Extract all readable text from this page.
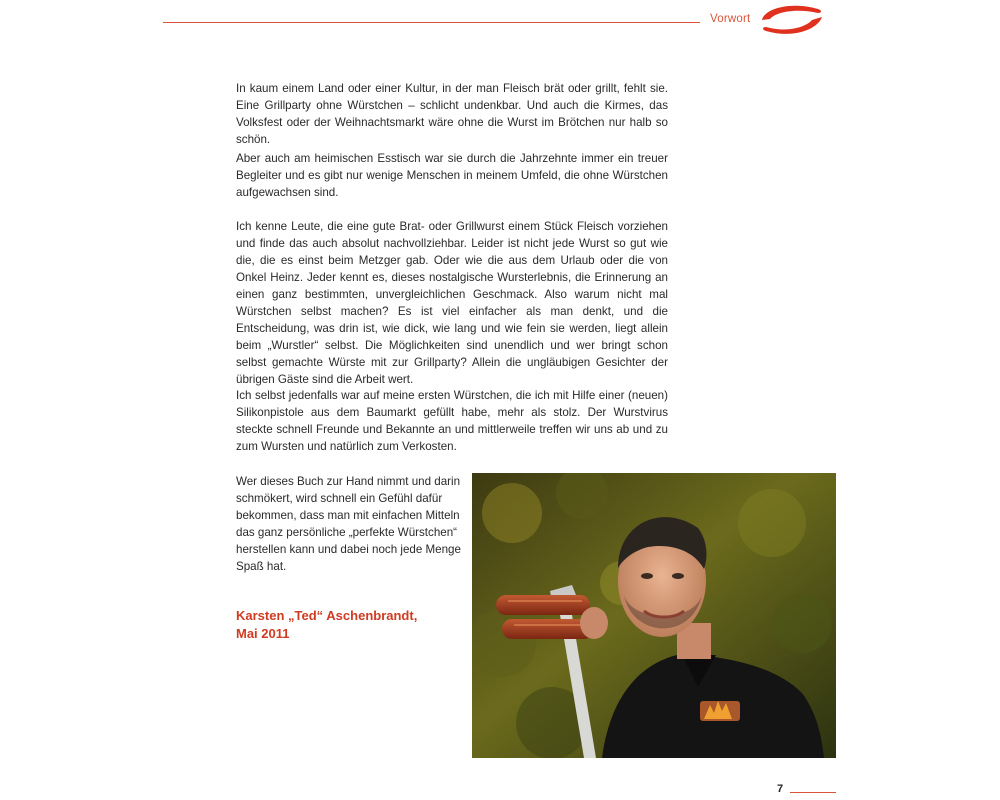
Vorwort

In kaum einem Land oder einer Kultur, in der man Fleisch brät oder grillt, fehlt sie. Eine Grillparty ohne Würstchen – schlicht undenkbar. Und auch die Kirmes, das Volksfest oder der Weihnachtsmarkt wäre ohne die Wurst im Brötchen nur halb so schön.

Aber auch am heimischen Esstisch war sie durch die Jahrzehnte immer ein treuer Begleiter und es gibt nur wenige Menschen in meinem Umfeld, die ohne Würstchen aufgewachsen sind.

Ich kenne Leute, die eine gute Brat- oder Grillwurst einem Stück Fleisch vorziehen und finde das auch absolut nachvollziehbar. Leider ist nicht jede Wurst so gut wie die, die es einst beim Metzger gab. Oder wie die aus dem Urlaub oder die von Onkel Heinz. Jeder kennt es, dieses nostalgische Wursterlebnis, die Erinnerung an einen ganz bestimmten, unvergleichlichen Geschmack. Also warum nicht mal Würstchen selbst machen? Es ist viel einfacher als man denkt, und die Entscheidung, was drin ist, wie dick, wie lang und wie fein sie werden, liegt allein beim „Wurstler“ selbst. Die Möglichkeiten sind unendlich und wer bringt schon selbst gemachte Würste mit zur Grillparty? Allein die ungläubigen Gesichter der übrigen Gäste sind die Arbeit wert.

Ich selbst jedenfalls war auf meine ersten Würstchen, die ich mit Hilfe einer (neuen) Silikonpistole aus dem Baumarkt gefüllt habe, mehr als stolz. Der Wurstvirus steckte schnell Freunde und Bekannte an und mittlerweile treffen wir uns ab und zu zum Wursten und natürlich zum Verkosten.

Wer dieses Buch zur Hand nimmt und darin schmökert, wird schnell ein Gefühl dafür bekommen, dass man mit einfachen Mitteln das ganz persönliche „perfekte Würstchen“ herstellen kann und dabei noch jede Menge Spaß hat.

Karsten „Ted“ Aschenbrandt,
Mai 2011
7
